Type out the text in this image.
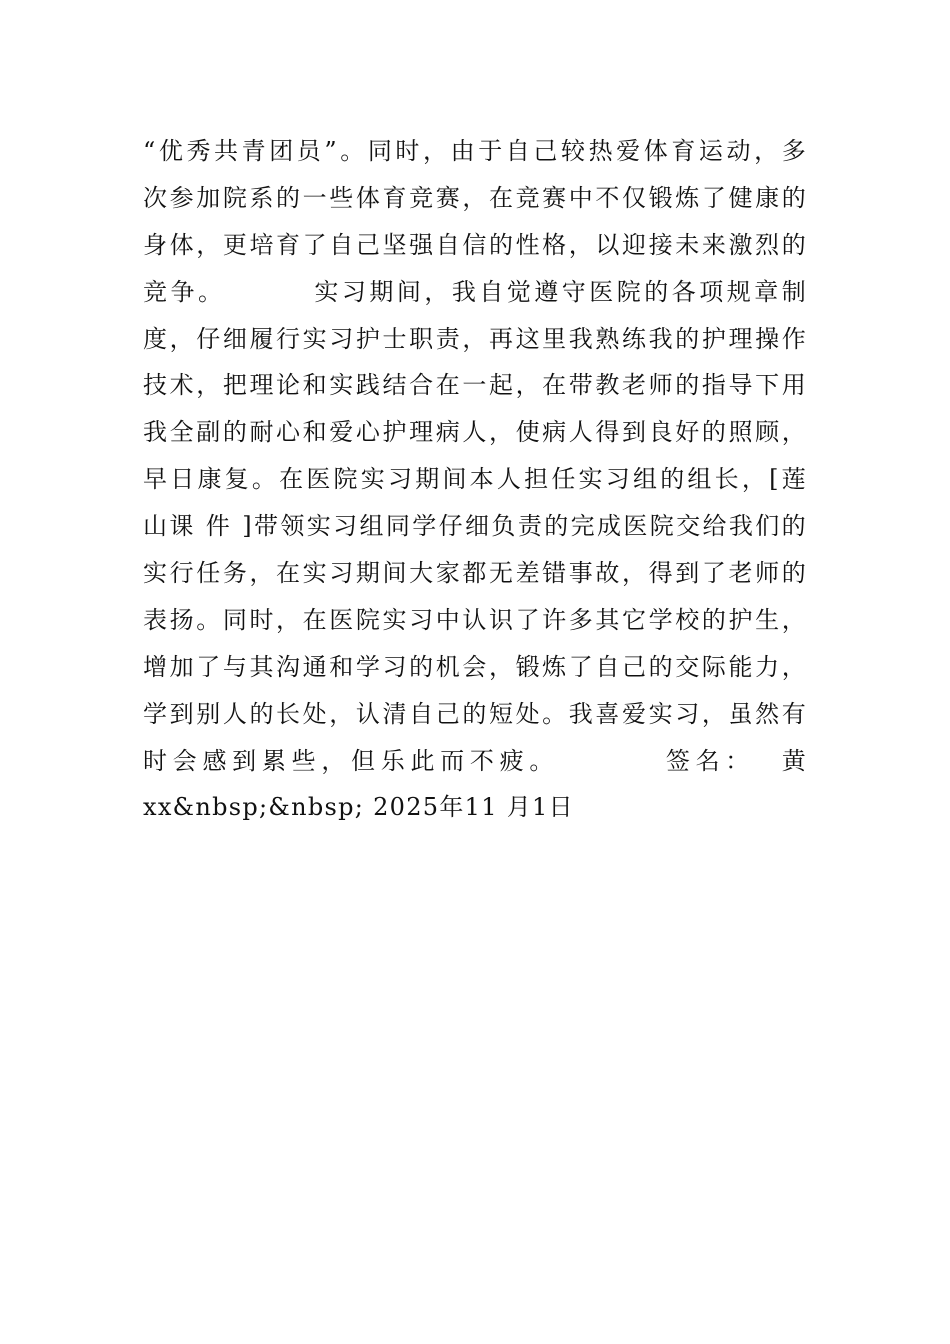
“优秀共青团员”。同时，由于自己较热爱体育运动，多
次参加院系的一些体育竞赛，在竞赛中不仅锻炼了健康的
身体，更培育了自己坚强自信的性格，以迎接未来激烈的
竞争。        实习期间，我自觉遵守医院的各项规章制
度，仔细履行实习护士职责，再这里我熟练我的护理操作
技术，把理论和实践结合在一起，在带教老师的指导下用
我全副的耐心和爱心护理病人，使病人得到良好的照顾，
早日康复。在医院实习期间本人担任实习组的组长，[莲
山课 件 ]带领实习组同学仔细负责的完成医院交给我们的
实行任务，在实习期间大家都无差错事故，得到了老师的
表扬。同时，在医院实习中认识了许多其它学校的护生，
增加了与其沟通和学习的机会，锻炼了自己的交际能力，
学到别人的长处，认清自己的短处。我喜爱实习，虽然有
时会感到累些，但乐此而不疲。        签名：  黄
xx&nbsp;&nbsp; 2025年11 月1日
